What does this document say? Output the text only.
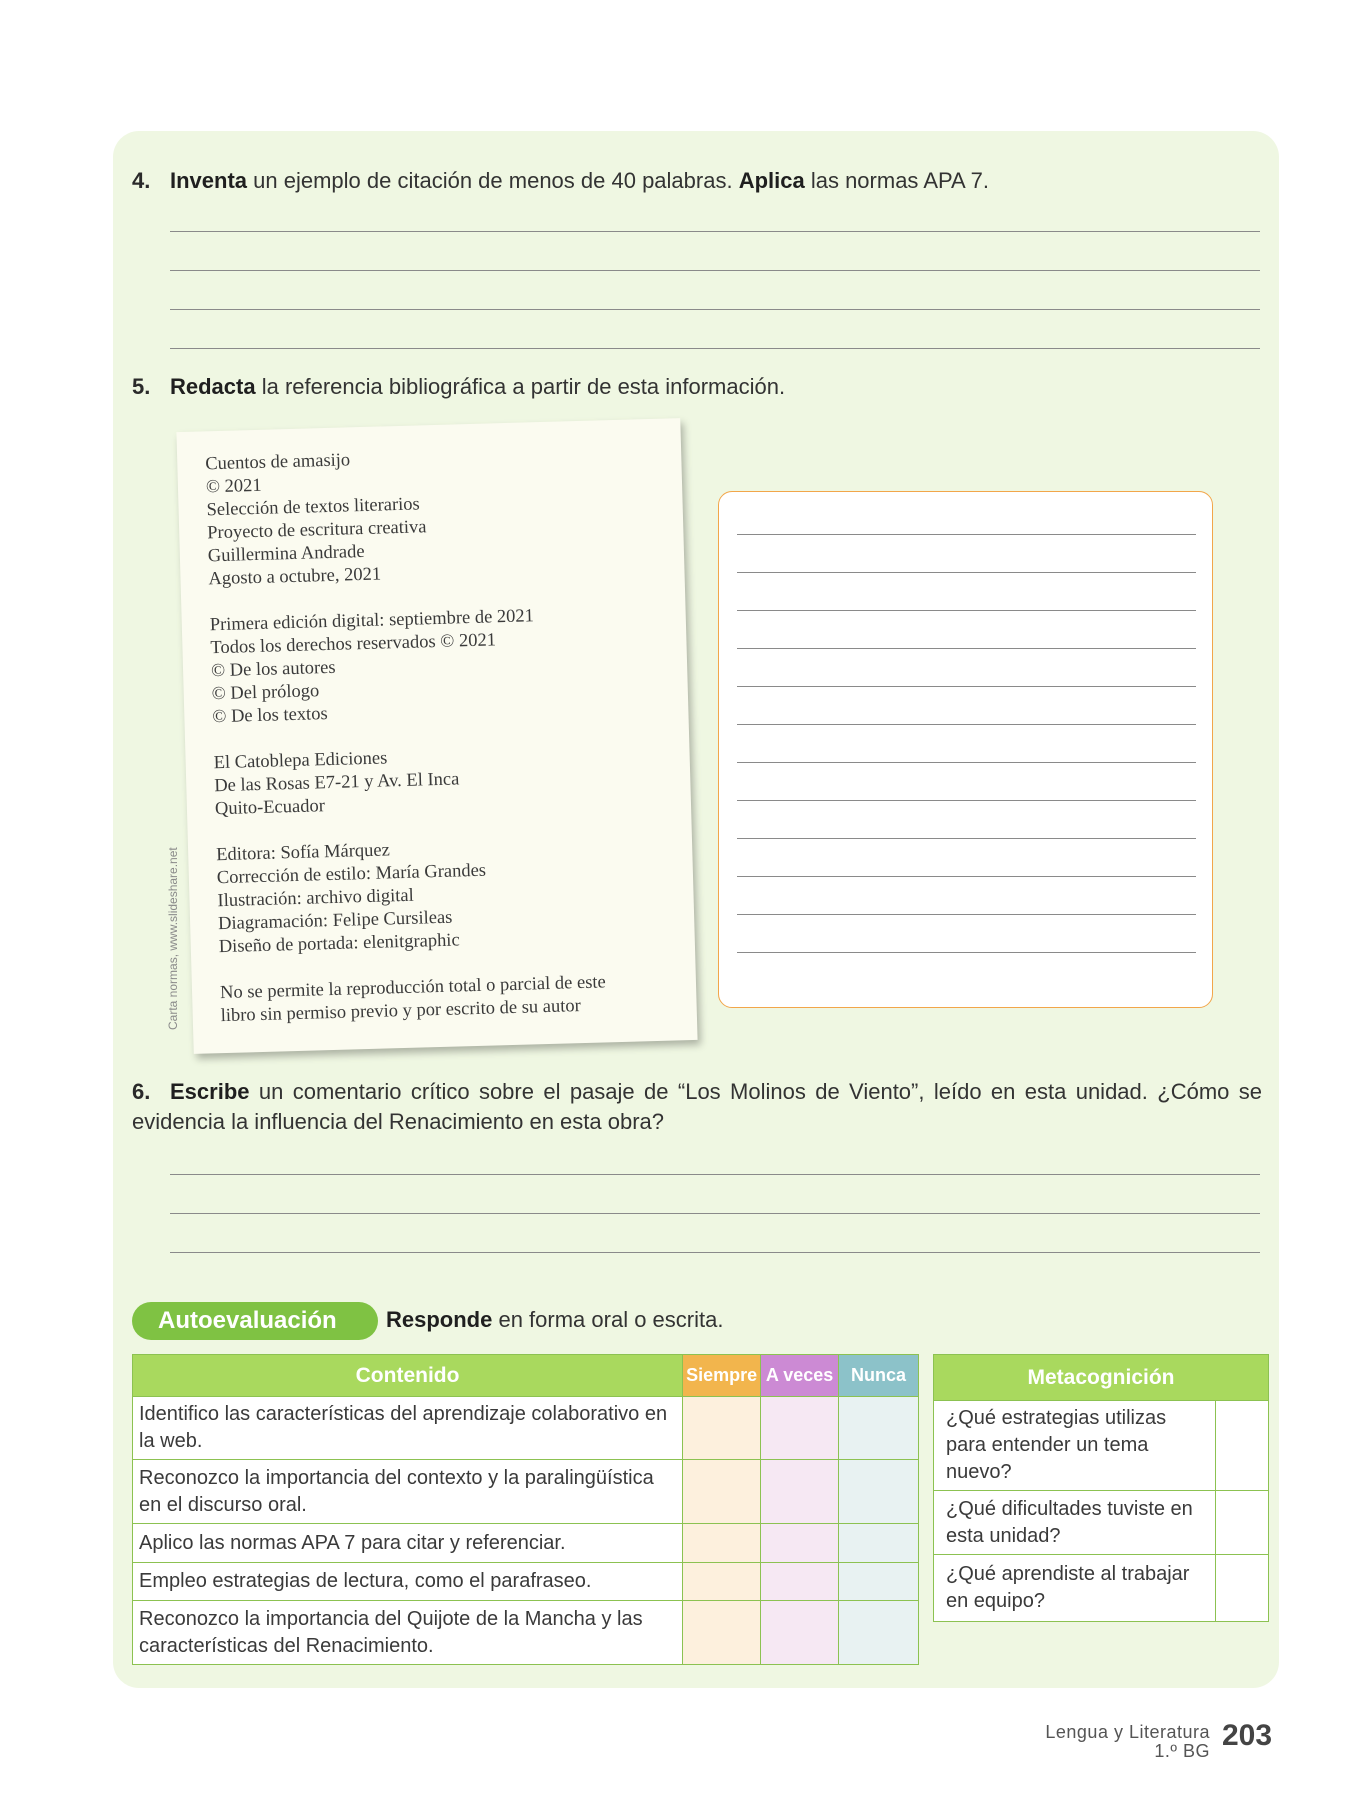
4. Inventa un ejemplo de citación de menos de 40 palabras. Aplica las normas APA 7.
5. Redacta la referencia bibliográfica a partir de esta información.
Cuentos de amasijo
© 2021
Selección de textos literarios
Proyecto de escritura creativa
Guillermina Andrade
Agosto a octubre, 2021
Primera edición digital: septiembre de 2021
Todos los derechos reservados © 2021
© De los autores
© Del prólogo
© De los textos
El Catoblepa Ediciones
De las Rosas E7-21 y Av. El Inca
Quito-Ecuador
Editora: Sofía Márquez
Corrección de estilo: María Grandes
Ilustración: archivo digital
Diagramación: Felipe Cursileas
Diseño de portada: elenitgraphic
No se permite la reproducción total o parcial de este
libro sin permiso previo y por escrito de su autor
Carta normas, www.slideshare.net
6. Escribe un comentario crítico sobre el pasaje de “Los Molinos de Viento”, leído en esta unidad. ¿Cómo se evidencia la influencia del Renacimiento en esta obra?
Autoevaluación	Responde en forma oral o escrita.
Contenido	Siempre	A veces	Nunca
Identifico las características del aprendizaje colaborativo en la web.			
Reconozco la importancia del contexto y la paralingüística en el discurso oral.			
Aplico las normas APA 7 para citar y referenciar.			
Empleo estrategias de lectura, como el parafraseo.			
Reconozco la importancia del Quijote de la Mancha y las características del Renacimiento.			
Metacognición	
¿Qué estrategias utilizas para entender un tema nuevo?	
¿Qué dificultades tuviste en esta unidad?	
¿Qué aprendiste al trabajar en equipo?	
Lengua y Literatura
1.º BG 203
